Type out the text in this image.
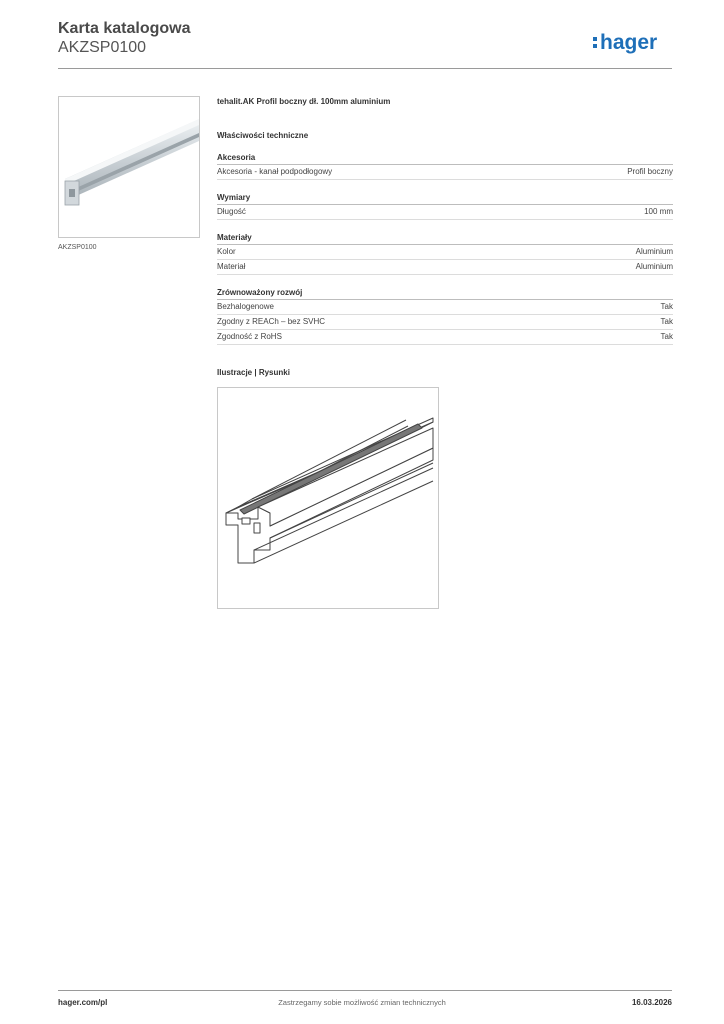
Karta katalogowa
AKZSP0100	hager
AKZSP0100
tehalit.AK Profil boczny dł. 100mm aluminium
Właściwości techniczne
Akcesoria
Akcesoria - kanał podpodłogowy	Profil boczny
Wymiary
Długość	100 mm
Materiały
Kolor	Aluminium
Materiał	Aluminium
Zrównoważony rozwój
Bezhalogenowe	Tak
Zgodny z REACh – bez SVHC	Tak
Zgodność z RoHS	Tak
Ilustracje | Rysunki
hager.com/pl	Zastrzegamy sobie możliwość zmian technicznych	16.03.2026
